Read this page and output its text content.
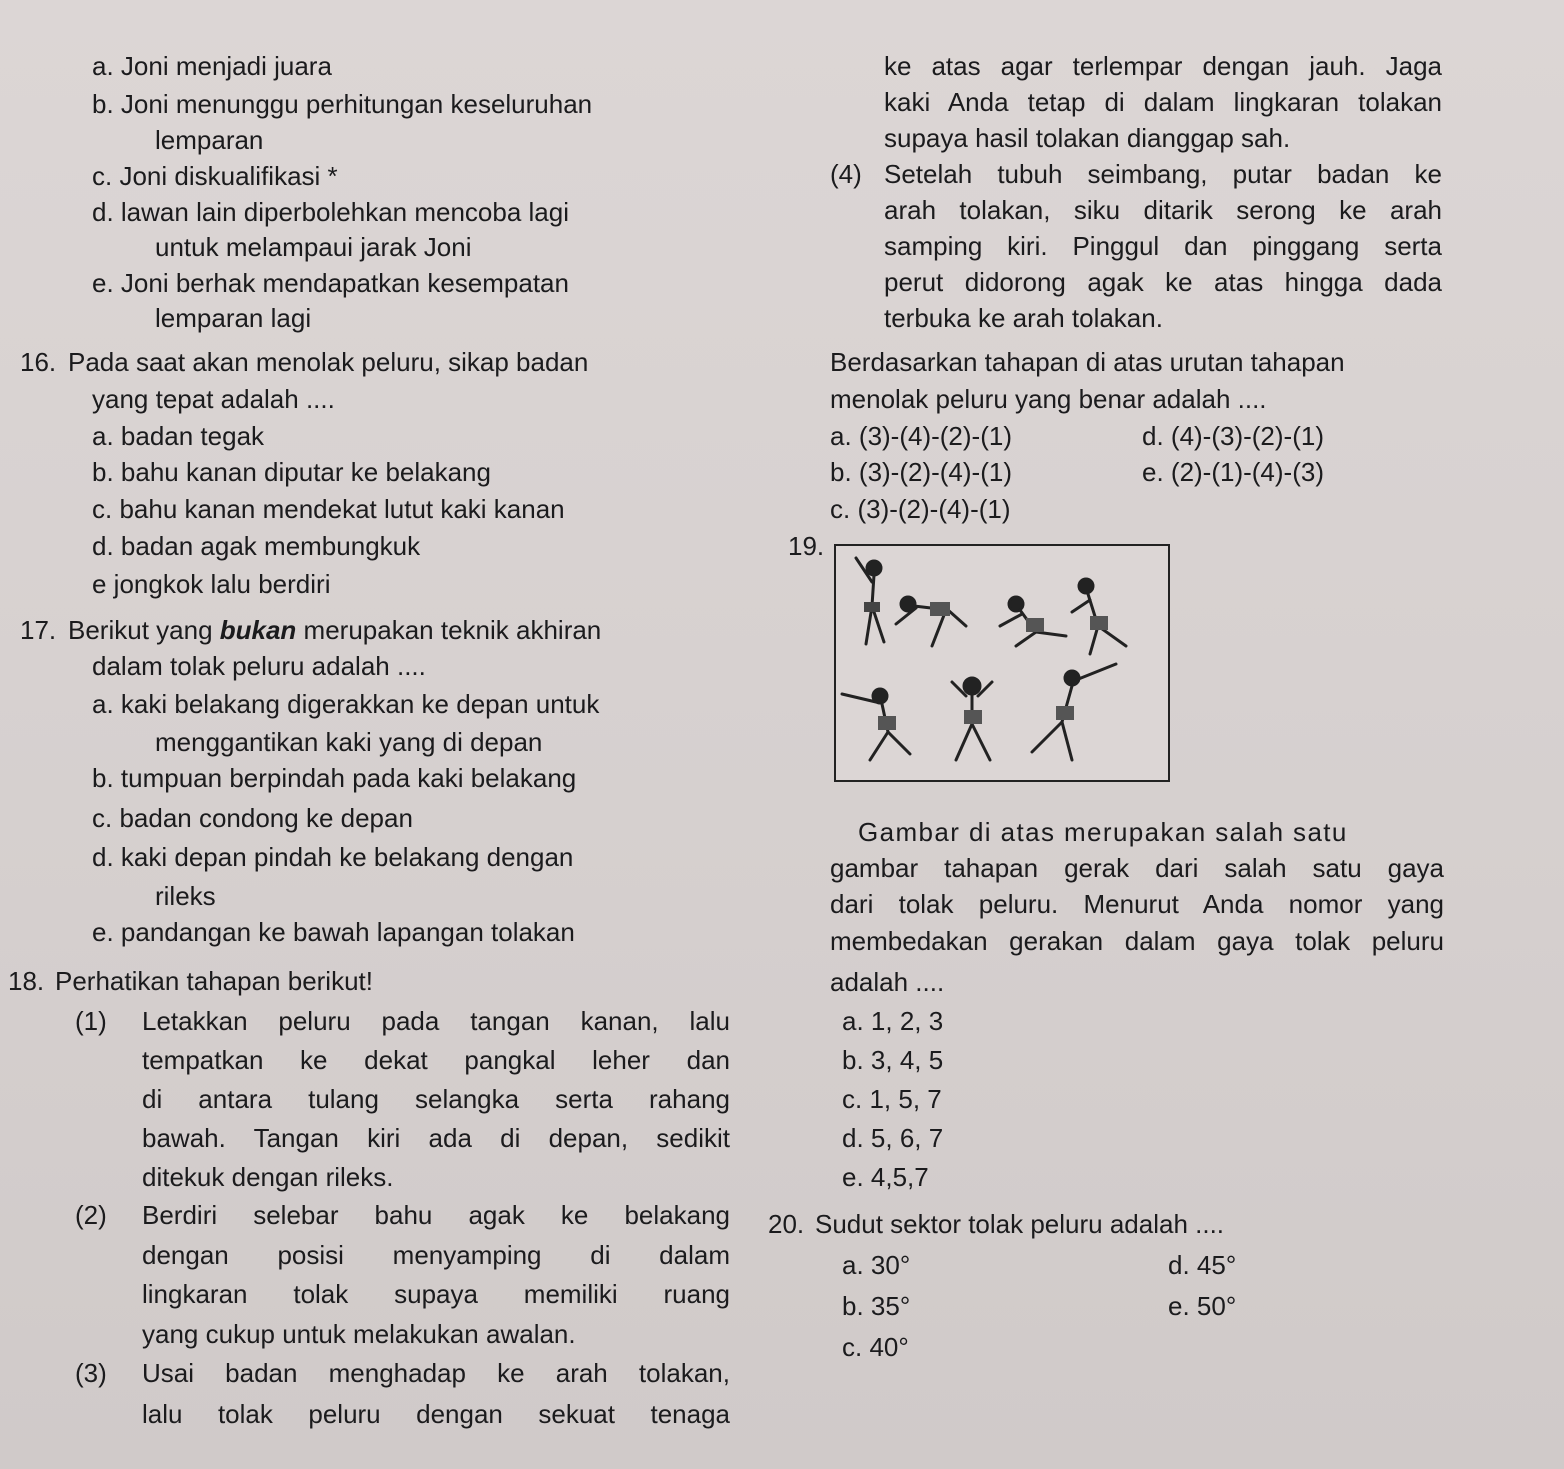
a. Joni menjadi juara
b. Joni menunggu perhitungan keseluruhan
lemparan
c. Joni diskualifikasi *
d. lawan lain diperbolehkan mencoba lagi
untuk melampaui jarak Joni
e. Joni berhak mendapatkan kesempatan
lemparan lagi
16. Pada saat akan menolak peluru, sikap badan
yang tepat adalah ....
a. badan tegak
b. bahu kanan diputar ke belakang
c. bahu kanan mendekat lutut kaki kanan
d. badan agak membungkuk
e jongkok lalu berdiri
17. Berikut yang bukan merupakan teknik akhiran
dalam tolak peluru adalah ....
a. kaki belakang digerakkan ke depan untuk
menggantikan kaki yang di depan
b. tumpuan berpindah pada kaki belakang
c. badan condong ke depan
d. kaki depan pindah ke belakang dengan
rileks
e. pandangan ke bawah lapangan tolakan
18. Perhatikan tahapan berikut!
(1) Letakkan peluru pada tangan kanan, lalu
tempatkan ke dekat pangkal leher dan
di antara tulang selangka serta rahang
bawah. Tangan kiri ada di depan, sedikit
ditekuk dengan rileks.
(2) Berdiri selebar bahu agak ke belakang
dengan posisi menyamping di dalam
lingkaran tolak supaya memiliki ruang
yang cukup untuk melakukan awalan.
(3) Usai badan menghadap ke arah tolakan,
lalu tolak peluru dengan sekuat tenaga
ke atas agar terlempar dengan jauh. Jaga
kaki Anda tetap di dalam lingkaran tolakan
supaya hasil tolakan dianggap sah.
(4) Setelah tubuh seimbang, putar badan ke
arah tolakan, siku ditarik serong ke arah
samping kiri. Pinggul dan pinggang serta
perut didorong agak ke atas hingga dada
terbuka ke arah tolakan.
Berdasarkan tahapan di atas urutan tahapan
menolak peluru yang benar adalah ....
a. (3)-(4)-(2)-(1)
b. (3)-(2)-(4)-(1)
c. (3)-(2)-(4)-(1)
d. (4)-(3)-(2)-(1)
e. (2)-(1)-(4)-(3)
19.
Gambar di atas merupakan salah satu
gambar tahapan gerak dari salah satu gaya
dari tolak peluru. Menurut Anda nomor yang
membedakan gerakan dalam gaya tolak peluru
adalah ....
a. 1, 2, 3
b. 3, 4, 5
c. 1, 5, 7
d. 5, 6, 7
e. 4,5,7
20. Sudut sektor tolak peluru adalah ....
a. 30°
b. 35°
c. 40°
d. 45°
e. 50°
